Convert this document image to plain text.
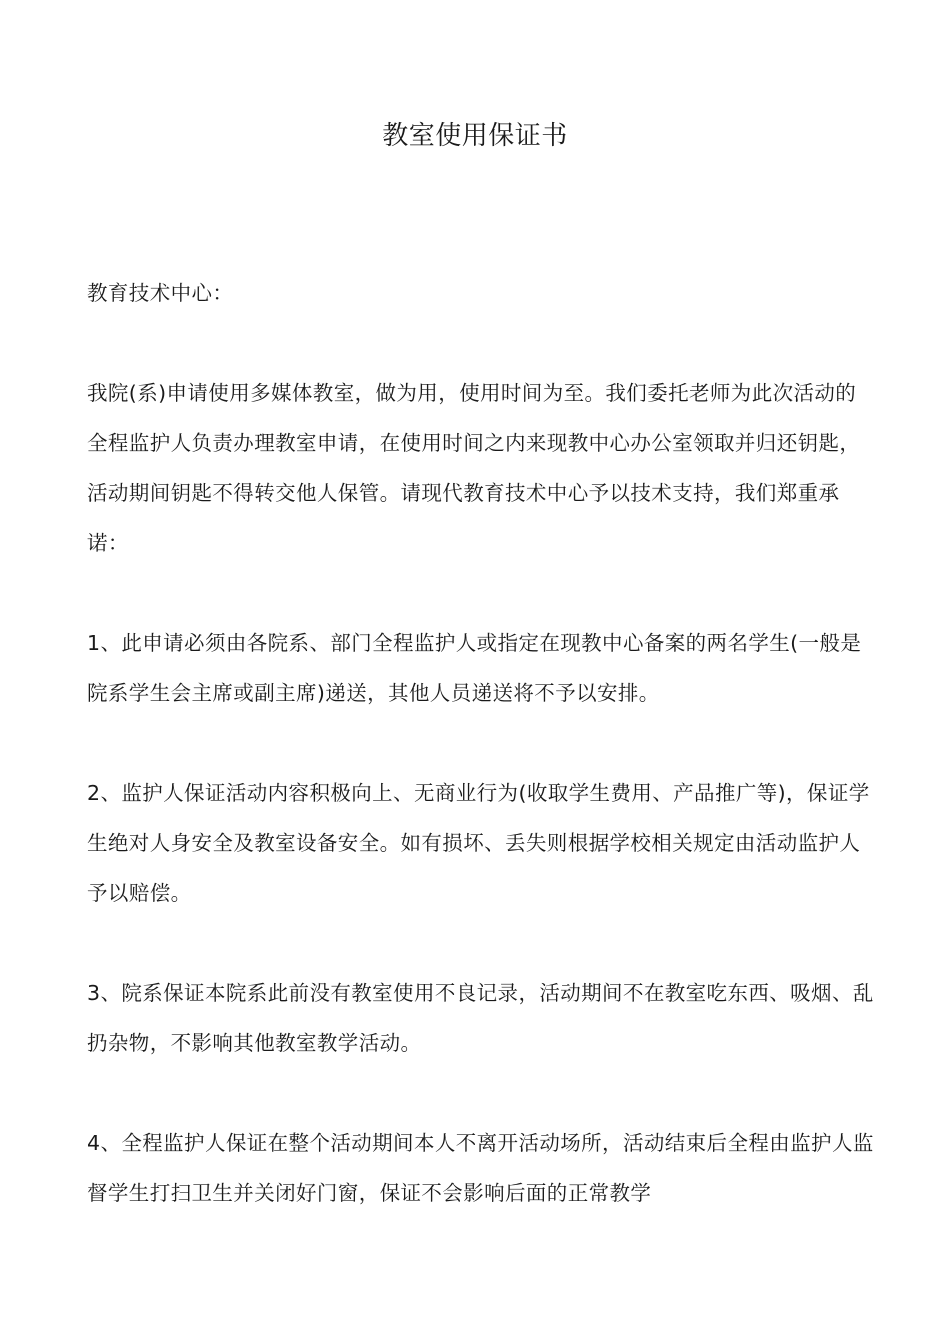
教室使用保证书

教育技术中心：

我院(系)申请使用多媒体教室，做为用，使用时间为至。我们委托老师为此次活动的全程监护人负责办理教室申请，在使用时间之内来现教中心办公室领取并归还钥匙，活动期间钥匙不得转交他人保管。请现代教育技术中心予以技术支持，我们郑重承诺：

1、此申请必须由各院系、部门全程监护人或指定在现教中心备案的两名学生(一般是院系学生会主席或副主席)递送，其他人员递送将不予以安排。

2、监护人保证活动内容积极向上、无商业行为(收取学生费用、产品推广等)，保证学生绝对人身安全及教室设备安全。如有损坏、丢失则根据学校相关规定由活动监护人予以赔偿。

3、院系保证本院系此前没有教室使用不良记录，活动期间不在教室吃东西、吸烟、乱扔杂物，不影响其他教室教学活动。

4、全程监护人保证在整个活动期间本人不离开活动场所，活动结束后全程由监护人监督学生打扫卫生并关闭好门窗，保证不会影响后面的正常教学
